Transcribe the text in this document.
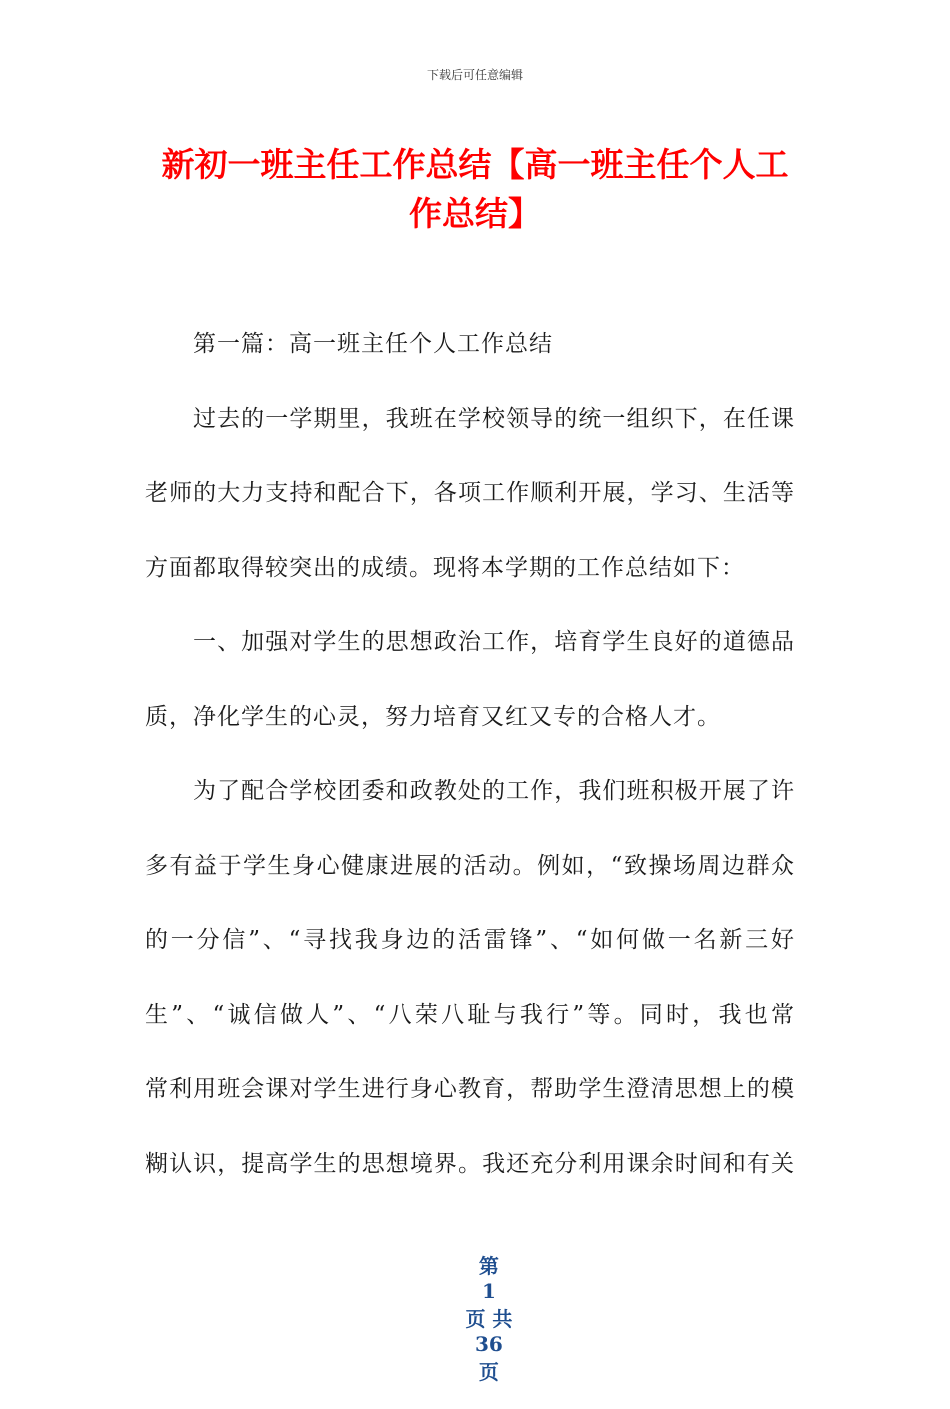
下载后可任意编辑
新初一班主任工作总结【高一班主任个人工
作总结】
第一篇：高一班主任个人工作总结
过去的一学期里，我班在学校领导的统一组织下，在任课
老师的大力支持和配合下，各项工作顺利开展，学习、生活等
方面都取得较突出的成绩。现将本学期的工作总结如下：
一、加强对学生的思想政治工作，培育学生良好的道德品
质，净化学生的心灵，努力培育又红又专的合格人才。
为了配合学校团委和政教处的工作，我们班积极开展了许
多有益于学生身心健康进展的活动。例如，“致操场周边群众
的一分信”、“寻找我身边的活雷锋”、“如何做一名新三好
生”、“诚信做人”、“八荣八耻与我行”等。同时，我也常
常利用班会课对学生进行身心教育，帮助学生澄清思想上的模
糊认识，提高学生的思想境界。我还充分利用课余时间和有关

第
1
页 共
36
页
